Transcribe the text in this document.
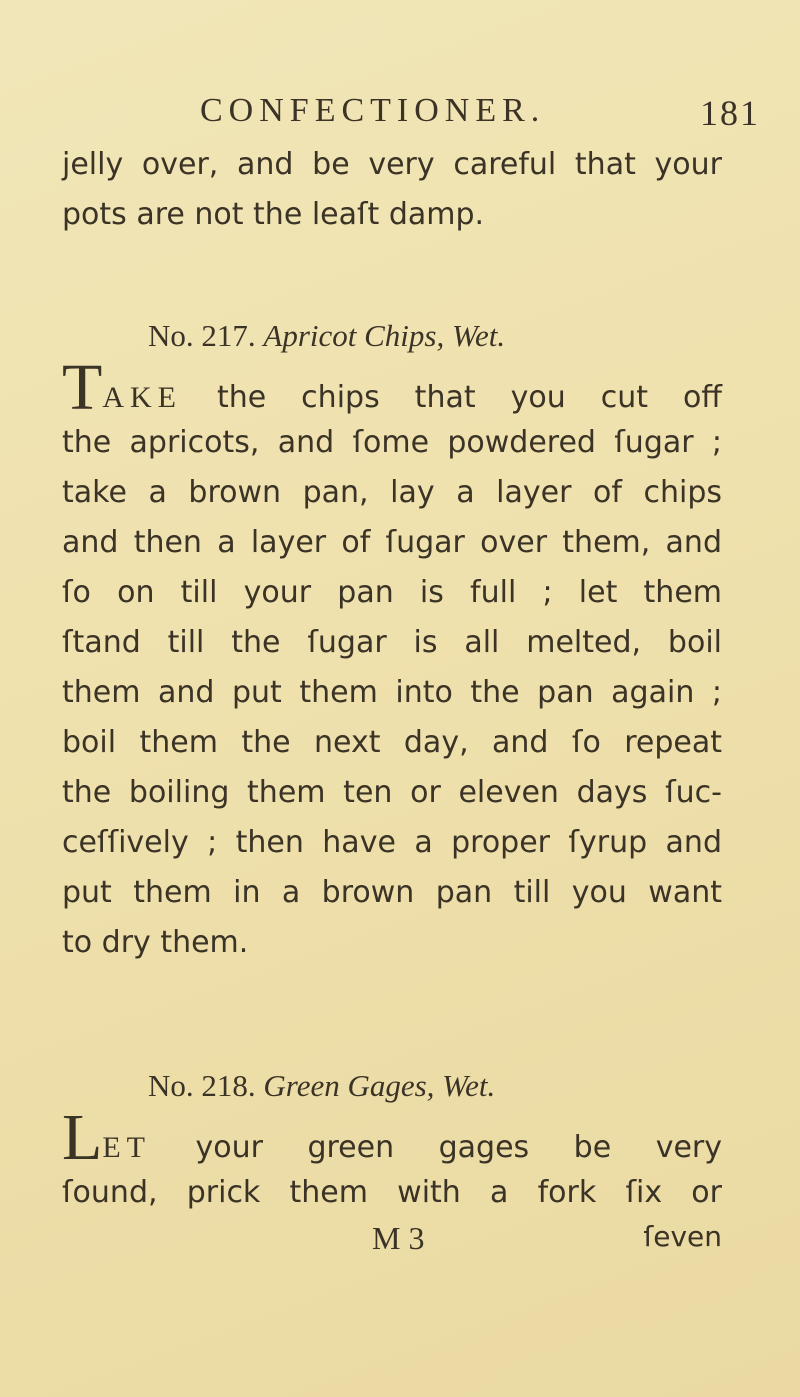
CONFECTIONER.	181
jelly over, and be very careful that your
pots are not the leaſt damp.
No. 217. Apricot Chips, Wet.
TAKE the chips that you cut off
the apricots, and ſome powdered ſugar ;
take a brown pan, lay a layer of chips
and then a layer of ſugar over them, and
ſo on till your pan is full ; let them
ſtand till the ſugar is all melted, boil
them and put them into the pan again ;
boil them the next day, and ſo repeat
the boiling them ten or eleven days ſuc-
ceſſively ; then have a proper ſyrup and
put them in a brown pan till you want
to dry them.
No. 218. Green Gages, Wet.
LET your green gages be very
ſound, prick them with a fork ſix or
M 3	ſeven
